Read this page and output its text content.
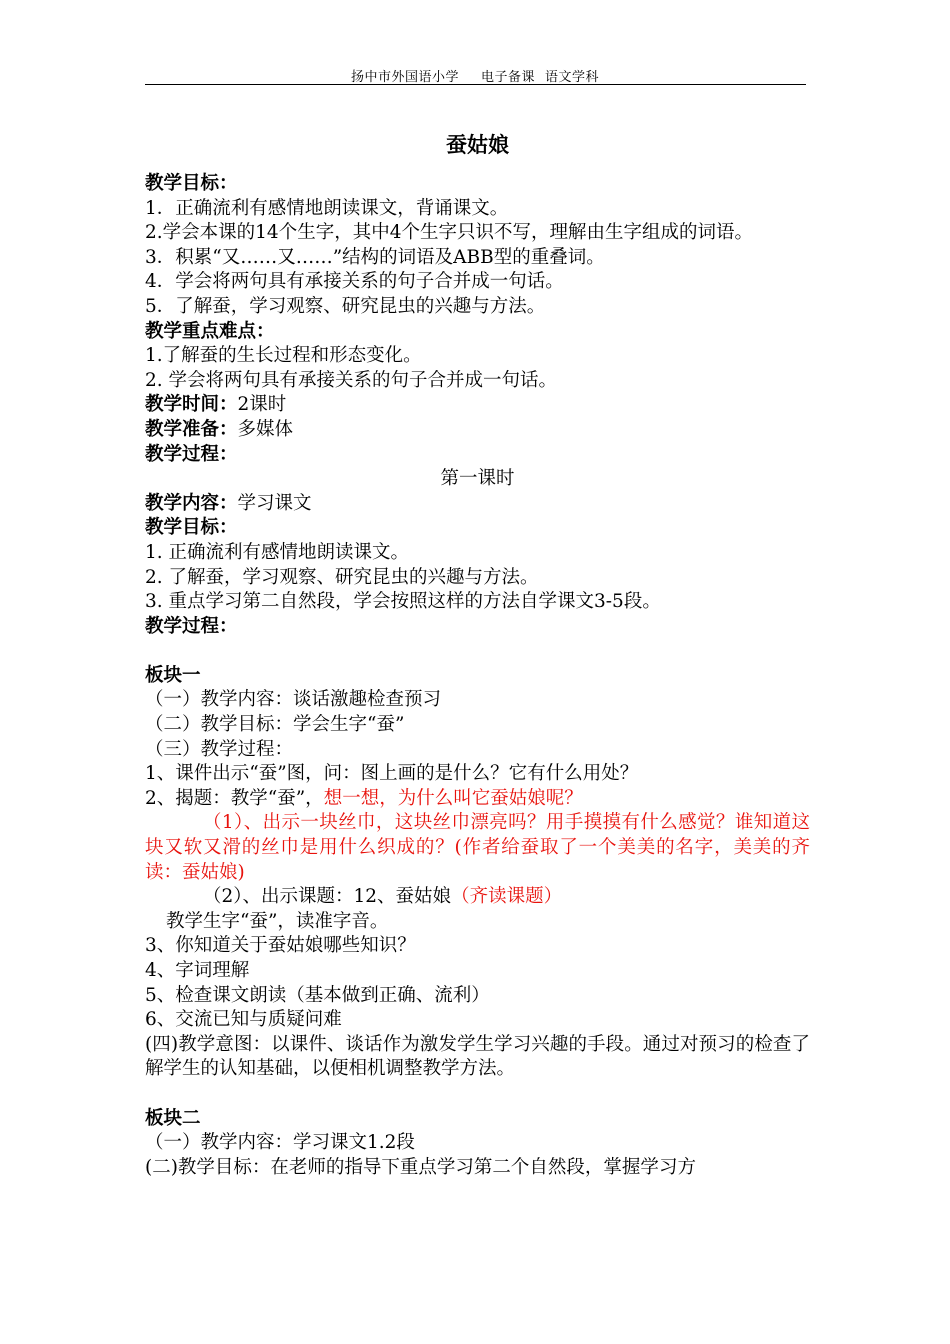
扬中市外国语小学 电子备课 语文学科
蚕姑娘
教学目标：
1．正确流利有感情地朗读课文，背诵课文。
2.学会本课的14个生字，其中4个生字只识不写，理解由生字组成的词语。
3．积累“又……又……”结构的词语及ABB型的重叠词。
4．学会将两句具有承接关系的句子合并成一句话。
5．了解蚕，学习观察、研究昆虫的兴趣与方法。
教学重点难点：
1.了解蚕的生长过程和形态变化。
2. 学会将两句具有承接关系的句子合并成一句话。
教学时间：2课时
教学准备：多媒体
教学过程：
第一课时
教学内容：学习课文
教学目标：
1. 正确流利有感情地朗读课文。
2. 了解蚕，学习观察、研究昆虫的兴趣与方法。
3. 重点学习第二自然段，学会按照这样的方法自学课文3-5段。
教学过程：
板块一
（一）教学内容：谈话激趣检查预习
（二）教学目标：学会生字“蚕”
（三）教学过程：
1、课件出示“蚕”图，问：图上画的是什么？它有什么用处？
2、揭题：教学“蚕”，想一想，为什么叫它蚕姑娘呢？
（1）、出示一块丝巾，这块丝巾漂亮吗？用手摸摸有什么感觉？谁知道这块又软又滑的丝巾是用什么织成的？(作者给蚕取了一个美美的名字，美美的齐读：蚕姑娘)
（2）、出示课题：12、蚕姑娘（齐读课题）
教学生字“蚕”，读准字音。
3、你知道关于蚕姑娘哪些知识？
4、字词理解
5、检查课文朗读（基本做到正确、流利）
6、交流已知与质疑问难
(四)教学意图：以课件、谈话作为激发学生学习兴趣的手段。通过对预习的检查了解学生的认知基础，以便相机调整教学方法。
板块二
（一）教学内容：学习课文1.2段
(二)教学目标：在老师的指导下重点学习第二个自然段，掌握学习方
